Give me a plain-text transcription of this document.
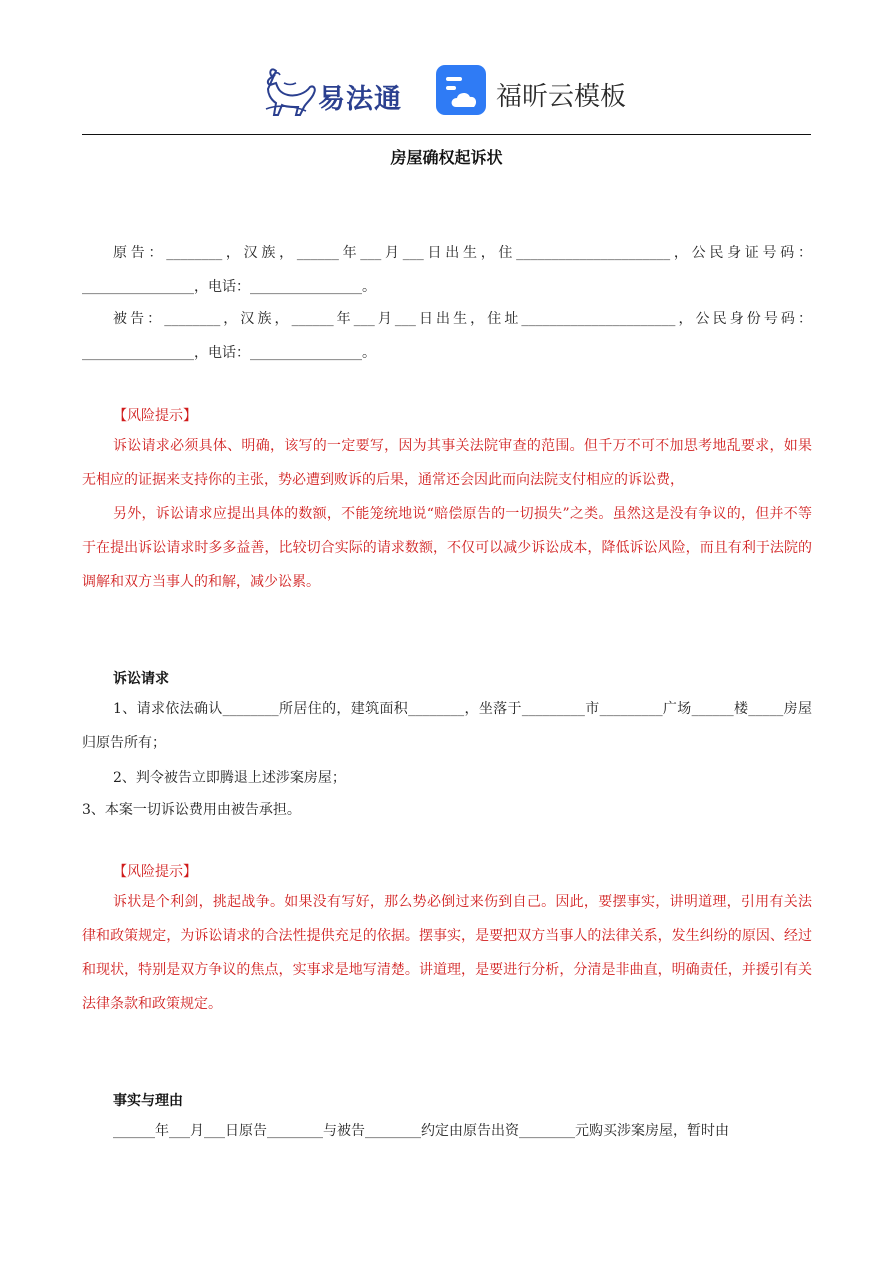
易法通	福昕云模板
房屋确权起诉状

原告：________，汉族，______年___月___日出生，住______________________，公民身证号码：________________，电话：________________。

被告：________，汉族，______年___月___日出生，住址______________________，公民身份号码：________________，电话：________________。

【风险提示】

诉讼请求必须具体、明确，该写的一定要写，因为其事关法院审查的范围。但千万不可不加思考地乱要求，如果无相应的证据来支持你的主张，势必遭到败诉的后果，通常还会因此而向法院支付相应的诉讼费，

另外，诉讼请求应提出具体的数额，不能笼统地说“赔偿原告的一切损失”之类。虽然这是没有争议的，但并不等于在提出诉讼请求时多多益善，比较切合实际的请求数额，不仅可以减少诉讼成本，降低诉讼风险，而且有利于法院的调解和双方当事人的和解，减少讼累。

诉讼请求

1、请求依法确认________所居住的，建筑面积________，坐落于_________市_________广场______楼_____房屋归原告所有；

2、判令被告立即腾退上述涉案房屋；
3、本案一切诉讼费用由被告承担。
【风险提示】

诉状是个利剑，挑起战争。如果没有写好，那么势必倒过来伤到自己。因此，要摆事实，讲明道理，引用有关法律和政策规定，为诉讼请求的合法性提供充足的依据。摆事实，是要把双方当事人的法律关系，发生纠纷的原因、经过和现状，特别是双方争议的焦点，实事求是地写清楚。讲道理，是要进行分析，分清是非曲直，明确责任，并援引有关法律条款和政策规定。

事实与理由

______年___月___日原告________与被告________约定由原告出资________元购买涉案房屋，暂时由
